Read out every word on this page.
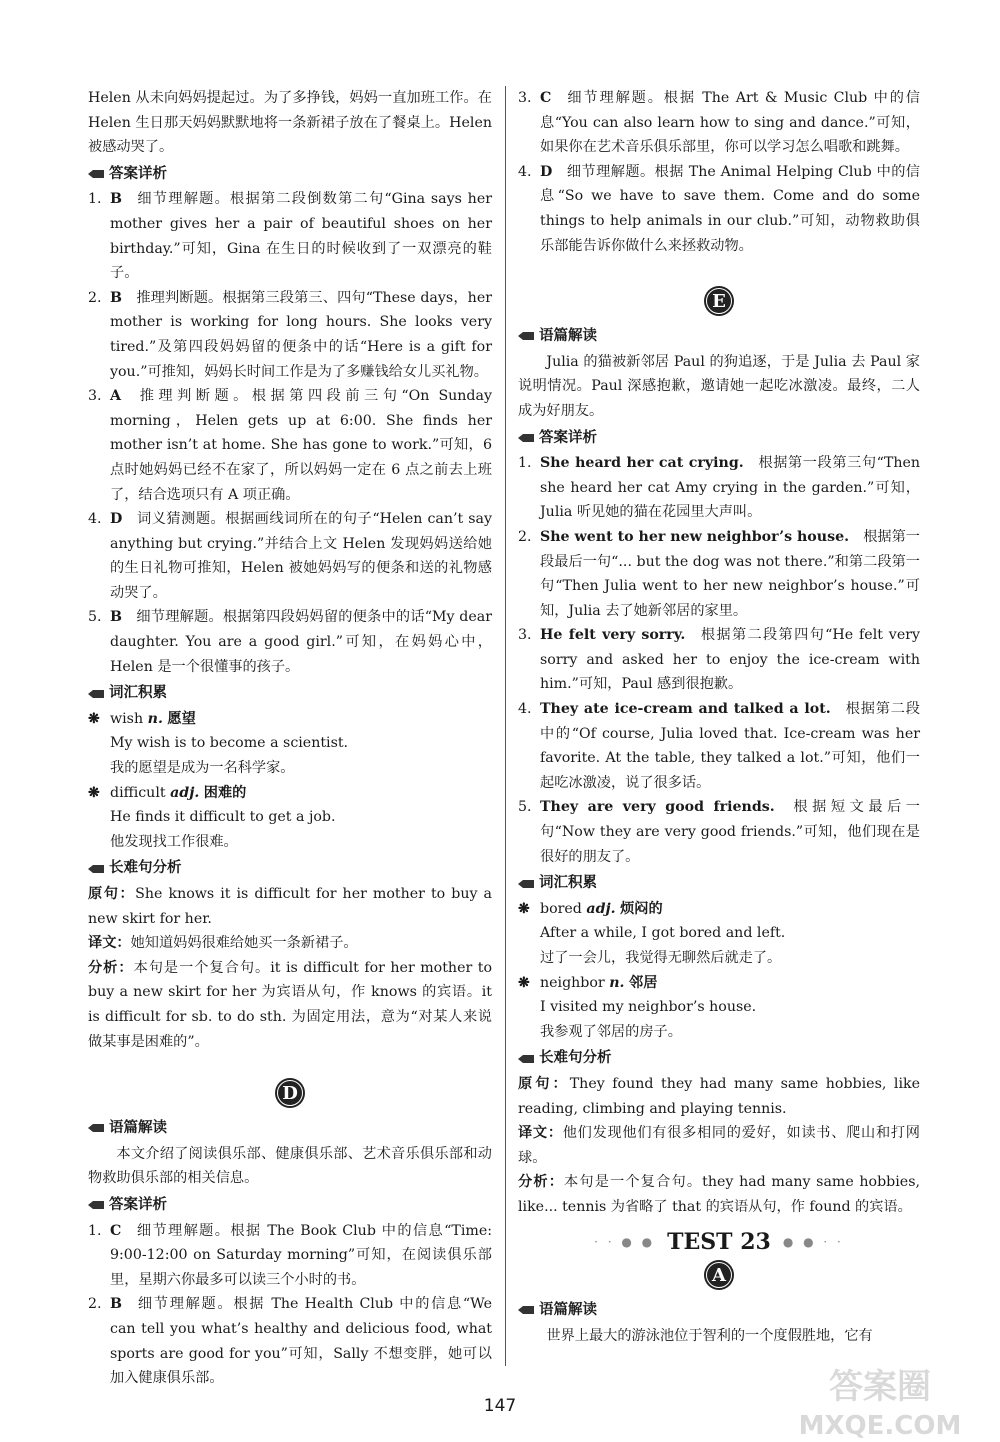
Helen 从未向妈妈提起过。为了多挣钱，妈妈一直加班工作。在 Helen 生日那天妈妈默默地将一条新裙子放在了餐桌上。Helen 被感动哭了。

答案详析
1. B  细节理解题。根据第二段倒数第二句“Gina says her mother gives her a pair of beautiful shoes on her birthday.”可知，Gina 在生日的时候收到了一双漂亮的鞋子。
2. B  推理判断题。根据第三段第三、四句“These days，her mother is working for long hours. She looks very tired.”及第四段妈妈留的便条中的话“Here is a gift for you.”可推知，妈妈长时间工作是为了多赚钱给女儿买礼物。
3. A  推理判断题。根据第四段前三句“On Sunday morning，Helen gets up at 6:00. She finds her mother isn’t at home. She has gone to work.”可知，6 点时她妈妈已经不在家了，所以妈妈一定在 6 点之前去上班了，结合选项只有 A 项正确。
4. D  词义猜测题。根据画线词所在的句子“Helen can’t say anything but crying.”并结合上文 Helen 发现妈妈送给她的生日礼物可推知，Helen 被她妈妈写的便条和送的礼物感动哭了。
5. B  细节理解题。根据第四段妈妈留的便条中的话“My dear daughter. You are a good girl.”可知，在妈妈心中，Helen 是一个很懂事的孩子。
词汇积累
❋ wish n. 愿望
My wish is to become a scientist.
我的愿望是成为一名科学家。
❋ difficult adj. 困难的
He finds it difficult to get a job.
他发现找工作很难。
长难句分析

原句：She knows it is difficult for her mother to buy a new skirt for her.

译文：她知道妈妈很难给她买一条新裙子。

分析：本句是一个复合句。it is difficult for her mother to buy a new skirt for her 为宾语从句，作 knows 的宾语。it is difficult for sb. to do sth. 为固定用法，意为“对某人来说做某事是困难的”。

D
语篇解读

本文介绍了阅读俱乐部、健康俱乐部、艺术音乐俱乐部和动物救助俱乐部的相关信息。

答案详析
1. C  细节理解题。根据 The Book Club 中的信息“Time: 9:00-12:00 on Saturday morning”可知，在阅读俱乐部里，星期六你最多可以读三个小时的书。
2. B  细节理解题。根据 The Health Club 中的信息“We can tell you what’s healthy and delicious food, what sports are good for you”可知，Sally 不想变胖，她可以加入健康俱乐部。
3. C  细节理解题。根据 The Art & Music Club 中的信息“You can also learn how to sing and dance.”可知，如果你在艺术音乐俱乐部里，你可以学习怎么唱歌和跳舞。
4. D  细节理解题。根据 The Animal Helping Club 中的信息“So we have to save them. Come and do some things to help animals in our club.”可知，动物救助俱乐部能告诉你做什么来拯救动物。
E
语篇解读

Julia 的猫被新邻居 Paul 的狗追逐，于是 Julia 去 Paul 家说明情况。Paul 深感抱歉，邀请她一起吃冰激凌。最终，二人成为好朋友。

答案详析
1. She heard her cat crying.  根据第一段第三句“Then she heard her cat Amy crying in the garden.”可知，Julia 听见她的猫在花园里大声叫。
2. She went to her new neighbor’s house.  根据第一段最后一句“... but the dog was not there.”和第二段第一句“Then Julia went to her new neighbor’s house.”可知，Julia 去了她新邻居的家里。
3. He felt very sorry.  根据第二段第四句“He felt very sorry and asked her to enjoy the ice-cream with him.”可知，Paul 感到很抱歉。
4. They ate ice-cream and talked a lot.  根据第二段中的“Of course, Julia loved that. Ice-cream was her favorite. At the table, they talked a lot.”可知，他们一起吃冰激凌，说了很多话。
5. They are very good friends.  根据短文最后一句“Now they are very good friends.”可知，他们现在是很好的朋友了。
词汇积累
❋ bored adj. 烦闷的
After a while, I got bored and left.
过了一会儿，我觉得无聊然后就走了。
❋ neighbor n. 邻居
I visited my neighbor’s house.
我参观了邻居的房子。
长难句分析

原句：They found they had many same hobbies, like reading, climbing and playing tennis.

译文：他们发现他们有很多相同的爱好，如读书、爬山和打网球。

分析：本句是一个复合句。they had many same hobbies, like... tennis 为省略了 that 的宾语从句，作 found 的宾语。

· · ● ● TEST 23 ● ● · ·
A
语篇解读

世界上最大的游泳池位于智利的一个度假胜地，它有

147	答案圈
MXQE.COM
